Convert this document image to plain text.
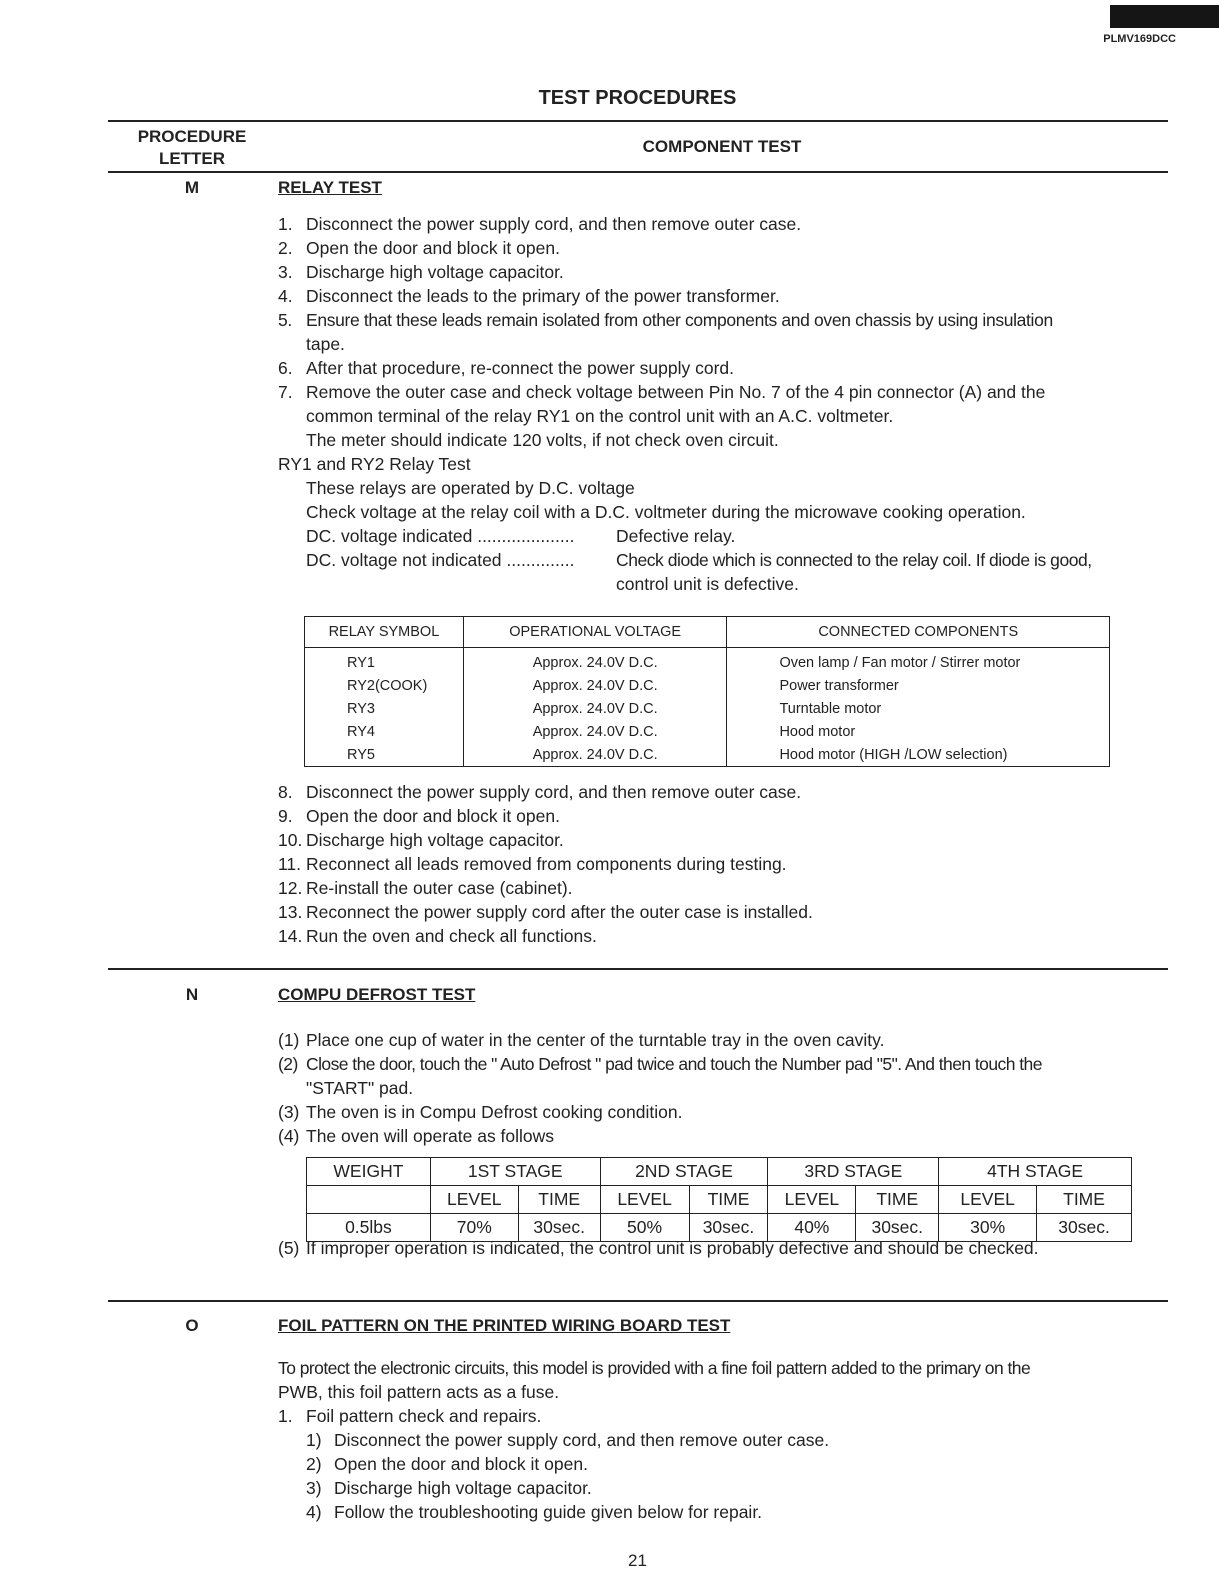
PLMV169DCC
TEST PROCEDURES
PROCEDURE
LETTER
COMPONENT TEST
M	RELAY TEST
1. Disconnect the power supply cord, and then remove outer case.
2. Open the door and block it open.
3. Discharge high voltage capacitor.
4. Disconnect the leads to the primary of the power transformer.
5. Ensure that these leads remain isolated from other components and oven chassis by using insulation
tape.
6. After that procedure, re-connect the power supply cord.
7. Remove the outer case and check voltage between Pin No. 7 of the 4 pin connector (A) and the
common terminal of the relay RY1 on the control unit with an A.C. voltmeter.
The meter should indicate 120 volts, if not check oven circuit.
RY1 and RY2 Relay Test
These relays are operated by D.C. voltage
Check voltage at the relay coil with a D.C. voltmeter during the microwave cooking operation.
DC. voltage indicated ....................	Defective relay.
DC. voltage not indicated ..............	Check diode which is connected to the relay coil. If diode is good,
control unit is defective.
RELAY SYMBOL	OPERATIONAL VOLTAGE	CONNECTED COMPONENTS
RY1	Approx. 24.0V D.C.	Oven lamp / Fan motor / Stirrer motor
RY2(COOK)	Approx. 24.0V D.C.	Power transformer
RY3	Approx. 24.0V D.C.	Turntable motor
RY4	Approx. 24.0V D.C.	Hood motor
RY5	Approx. 24.0V D.C.	Hood motor (HIGH /LOW selection)
8. Disconnect the power supply cord, and then remove outer case.
9. Open the door and block it open.
10. Discharge high voltage capacitor.
11. Reconnect all leads removed from components during testing.
12. Re-install the outer case (cabinet).
13. Reconnect the power supply cord after the outer case is installed.
14. Run the oven and check all functions.
N	COMPU DEFROST TEST
(1) Place one cup of water in the center of the turntable tray in the oven cavity.
(2) Close the door, touch the " Auto Defrost " pad twice and touch the Number pad "5". And then touch the
"START" pad.
(3) The oven is in Compu Defrost cooking condition.
(4) The oven will operate as follows
WEIGHT	1ST STAGE		2ND STAGE		3RD STAGE		4TH STAGE	
	LEVEL	TIME	LEVEL	TIME	LEVEL	TIME	LEVEL	TIME
0.5lbs	70%	30sec.	50%	30sec.	40%	30sec.	30%	30sec.
(5) If improper operation is indicated, the control unit is probably defective and should be checked.
O	FOIL PATTERN ON THE PRINTED WIRING BOARD TEST
To protect the electronic circuits, this model is provided with a fine foil pattern added to the primary on the
PWB, this foil pattern acts as a fuse.
1. Foil pattern check and repairs.
1) Disconnect the power supply cord, and then remove outer case.
2) Open the door and block it open.
3) Discharge high voltage capacitor.
4) Follow the troubleshooting guide given below for repair.
21
